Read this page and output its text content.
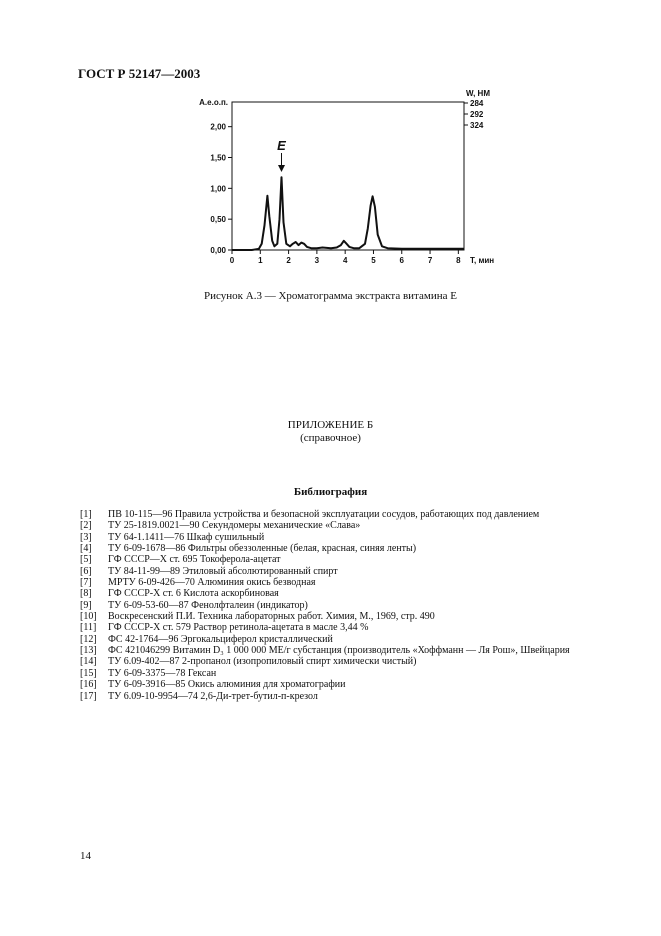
ГОСТ Р 52147—2003
0,00
0,50
1,00
1,50
2,00
0	1	2	3	4	5	6	7	8
A.e.o.п.
T, мин
W, НМ
284
292
324
E
Рисунок А.3 — Хроматограмма экстракта витамина Е
ПРИЛОЖЕНИЕ Б
(справочное)
Библиография
[1] ПВ 10-115—96 Правила устройства и безопасной эксплуатации сосудов, работающих под давлением
[2] ТУ 25-1819.0021—90 Секундомеры механические «Слава»
[3] ТУ 64-1.1411—76 Шкаф сушильный
[4] ТУ 6-09-1678—86 Фильтры обеззоленные (белая, красная, синяя ленты)
[5] ГФ СССР—X ст. 695 Токоферола-ацетат
[6] ТУ 84-11-99—89 Этиловый абсолютированный спирт
[7] МРТУ 6-09-426—70 Алюминия окись безводная
[8] ГФ СССР-Х ст. 6 Кислота аскорбиновая
[9] ТУ 6-09-53-60—87 Фенолфталеин (индикатор)
[10] Воскресенский П.И. Техника лабораторных работ. Химия, М., 1969, стр. 490
[11] ГФ СССР-Х ст. 579 Раствор ретинола-ацетата в масле 3,44 %
[12] ФС 42-1764—96 Эргокальциферол кристаллический
[13] ФС 421046299 Витамин D₃ 1 000 000 МЕ/г субстанция (производитель «Хоффманн — Ля Рош», Швейцария
[14] ТУ 6.09-402—87 2-пропанол (изопропиловый спирт химически чистый)
[15] ТУ 6-09-3375—78 Гексан
[16] ТУ 6-09-3916—85 Окись алюминия для хроматографии
[17] ТУ 6.09-10-9954—74 2,6-Ди-трет-бутил-п-крезол
14
